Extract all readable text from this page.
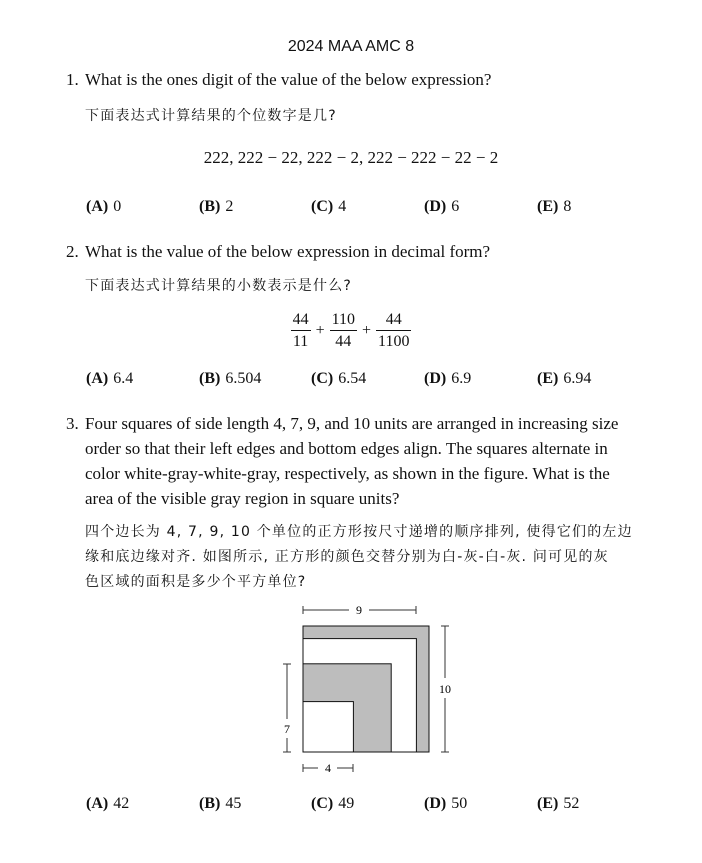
2024 MAA AMC 8
1. What is the ones digit of the value of the below expression?
下面表达式计算结果的个位数字是几?
222, 222 − 22, 222 − 2, 222 − 222 − 22 − 2
(A) 0	(B) 2	(C) 4	(D) 6	(E) 8
2. What is the value of the below expression in decimal form?
下面表达式计算结果的小数表示是什么?
$\frac{44}{11} + \frac{110}{44} + \frac{44}{1100}$
(A) 6.4	(B) 6.504	(C) 6.54	(D) 6.9	(E) 6.94
3. Four squares of side length 4, 7, 9, and 10 units are arranged in increasing size
order so that their left edges and bottom edges align. The squares alternate in
color white-gray-white-gray, respectively, as shown in the figure. What is the
area of the visible gray region in square units?
四个边长为 4, 7, 9, 10 个单位的正方形按尺寸递增的顺序排列, 使得它们的左边
缘和底边缘对齐. 如图所示, 正方形的颜色交替分别为白-灰-白-灰. 问可见的灰
色区域的面积是多少个平方单位?
9
10
7
4
(A) 42	(B) 45	(C) 49	(D) 50	(E) 52
